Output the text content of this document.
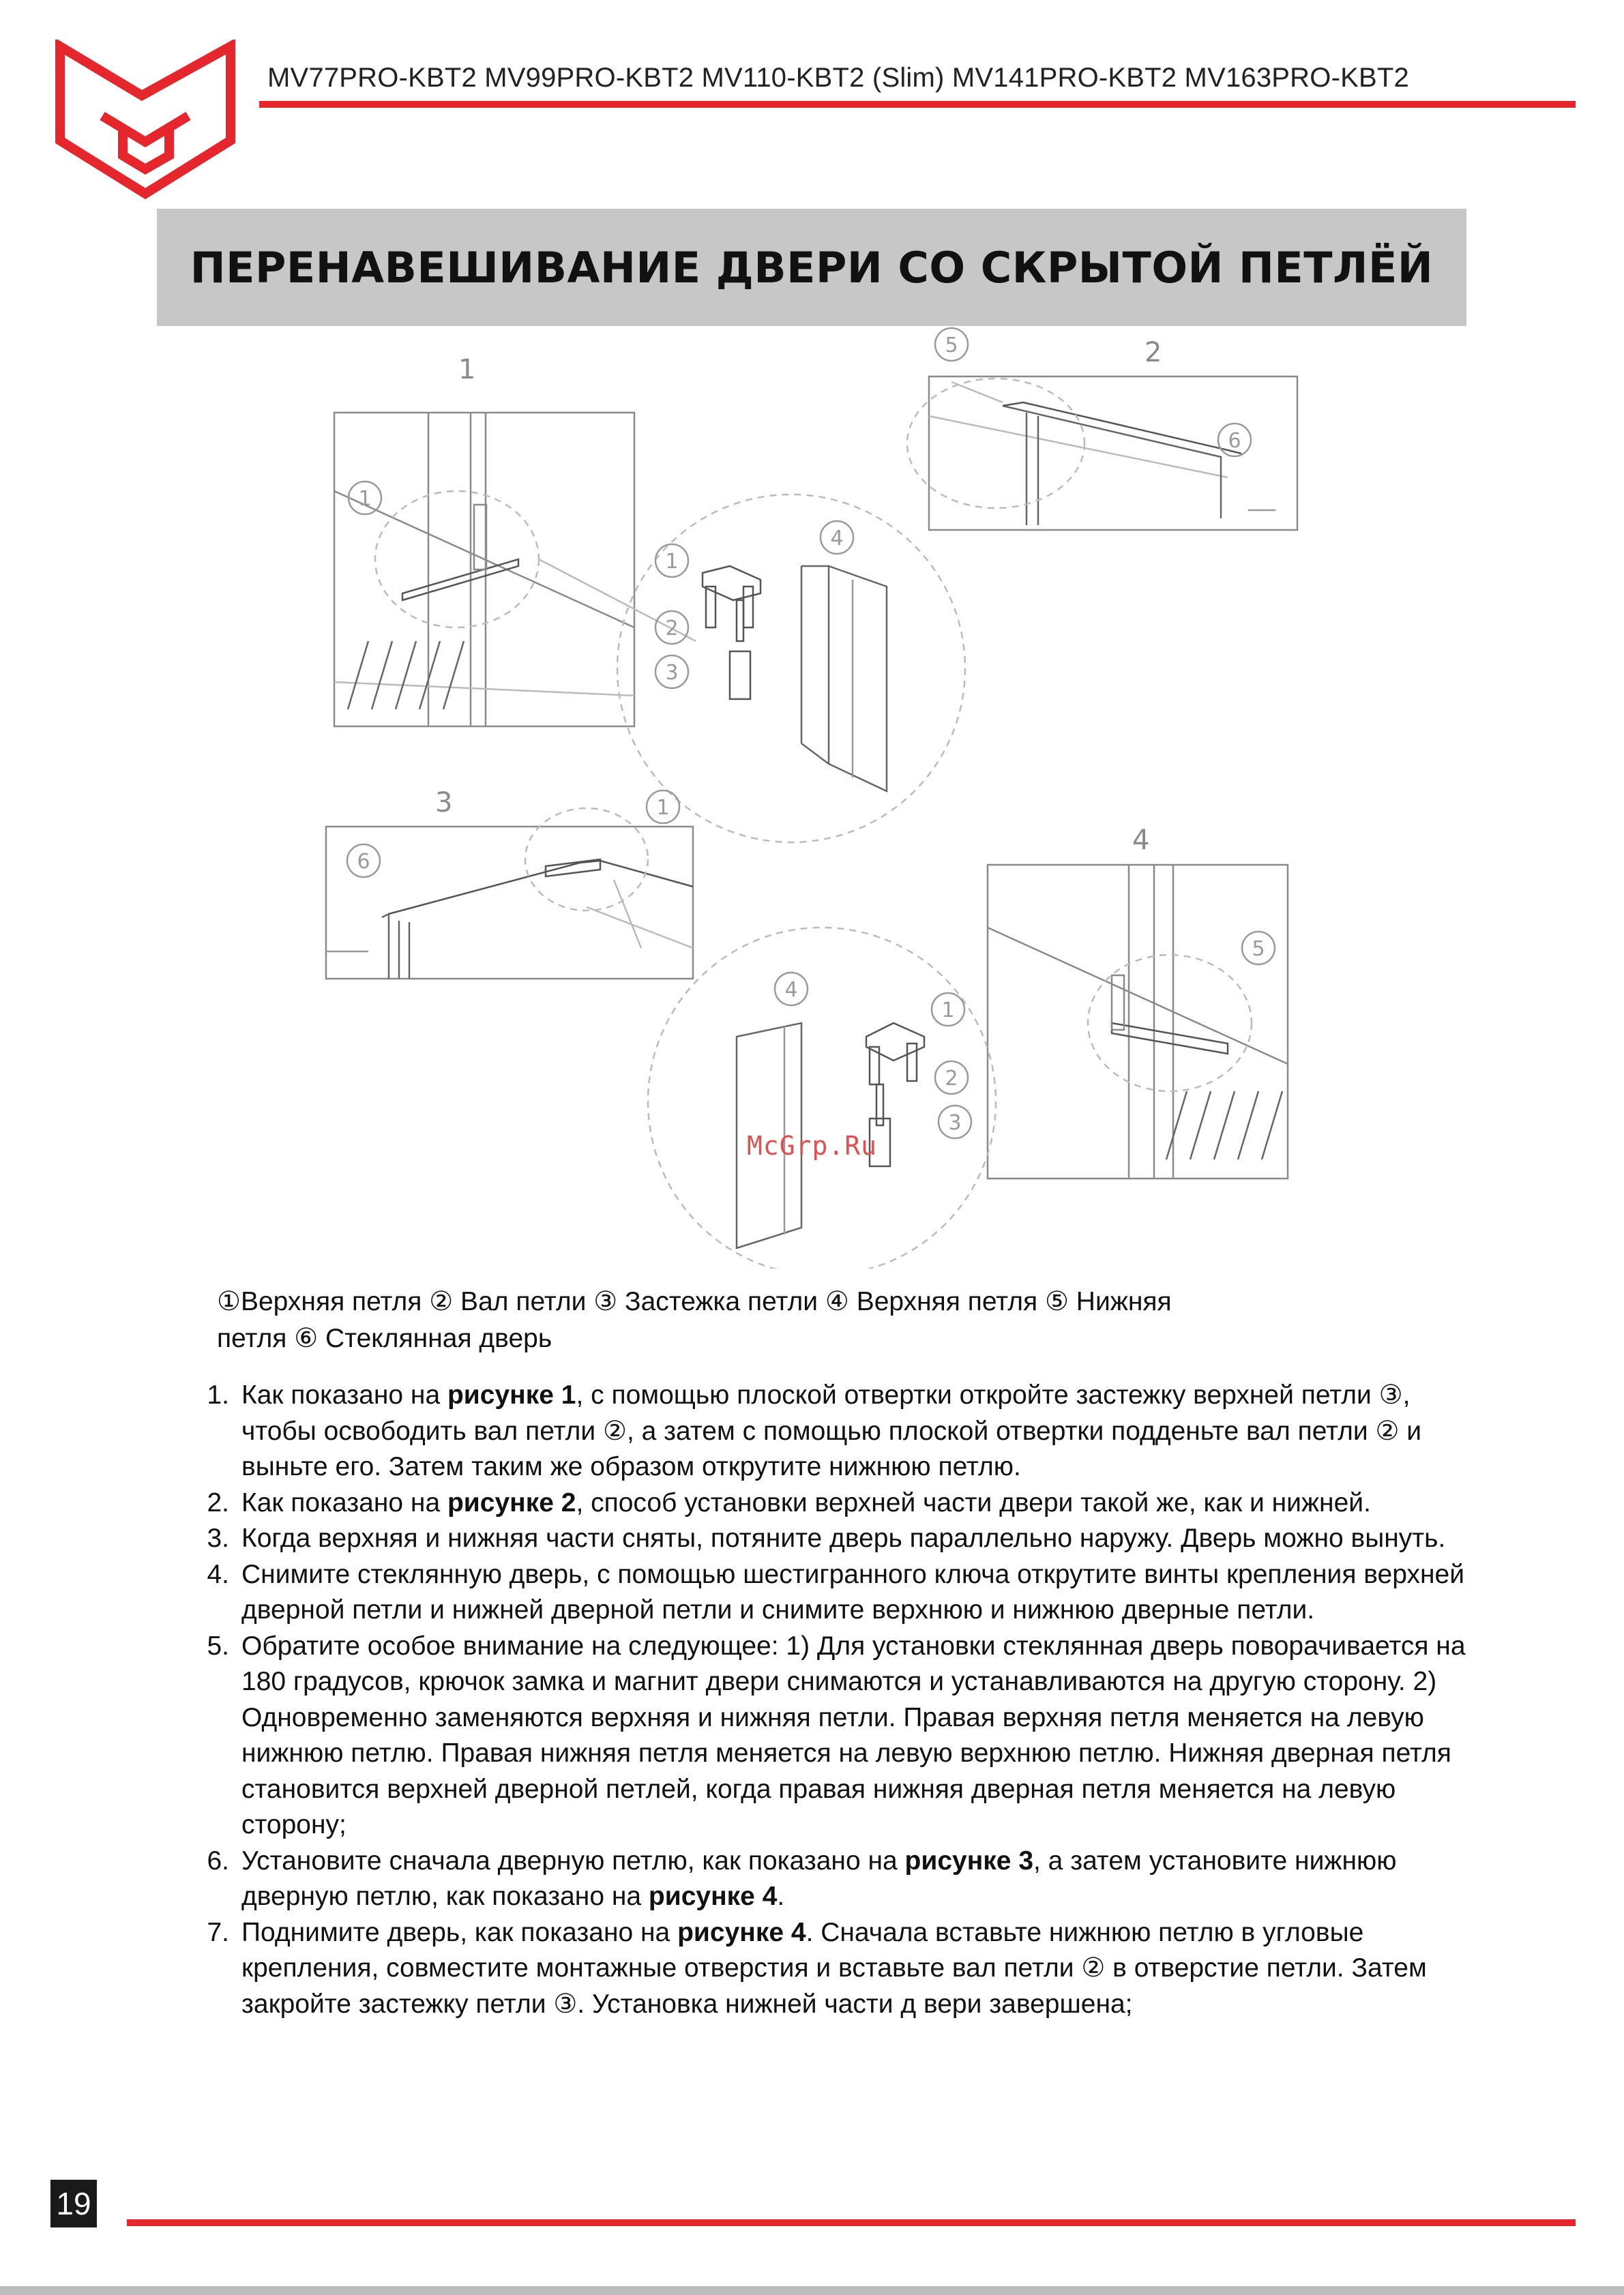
MV77PRO-KBT2 MV99PRO-KBT2 MV110-KBT2 (Slim) MV141PRO-KBT2 MV163PRO-KBT2
ПЕРЕНАВЕШИВАНИЕ ДВЕРИ СО СКРЫТОЙ ПЕТЛЁЙ
1
2
3
4
1
5
6
1
2
3
4
1
6
5
4
1
2
3
McGrp.Ru
①Верхняя петля ② Вал петли ③ Застежка петли ④ Верхняя петля ⑤ Нижняя
петля ⑥ Стеклянная дверь
1. Как показано на рисунке 1, с помощью плоской отвертки откройте застежку верхней петли ③, чтобы освободить вал петли ②, а затем с помощью плоской отвертки подденьте вал петли ② и выньте его. Затем таким же образом открутите нижнюю петлю.
2. Как показано на рисунке 2, способ установки верхней части двери такой же, как и нижней.
3. Когда верхняя и нижняя части сняты, потяните дверь параллельно наружу. Дверь можно вынуть.
4. Снимите стеклянную дверь, с помощью шестигранного ключа открутите винты крепления верхней дверной петли и нижней дверной петли и снимите верхнюю и нижнюю дверные петли.
5. Обратите особое внимание на следующее: 1) Для установки стеклянная дверь поворачивается на 180 градусов, крючок замка и магнит двери снимаются и устанавливаются на другую сторону. 2) Одновременно заменяются верхняя и нижняя петли. Правая верхняя петля меняется на левую нижнюю петлю. Правая нижняя петля меняется на левую верхнюю петлю. Нижняя дверная петля становится верхней дверной петлей, когда правая нижняя дверная петля меняется на левую сторону;
6. Установите сначала дверную петлю, как показано на рисунке 3, а затем установите нижнюю дверную петлю, как показано на рисунке 4.
7. Поднимите дверь, как показано на рисунке 4. Сначала вставьте нижнюю петлю в угловые крепления, совместите монтажные отверстия и вставьте вал петли ② в отверстие петли. Затем закройте застежку петли ③. Установка нижней части д вери завершена;
19
